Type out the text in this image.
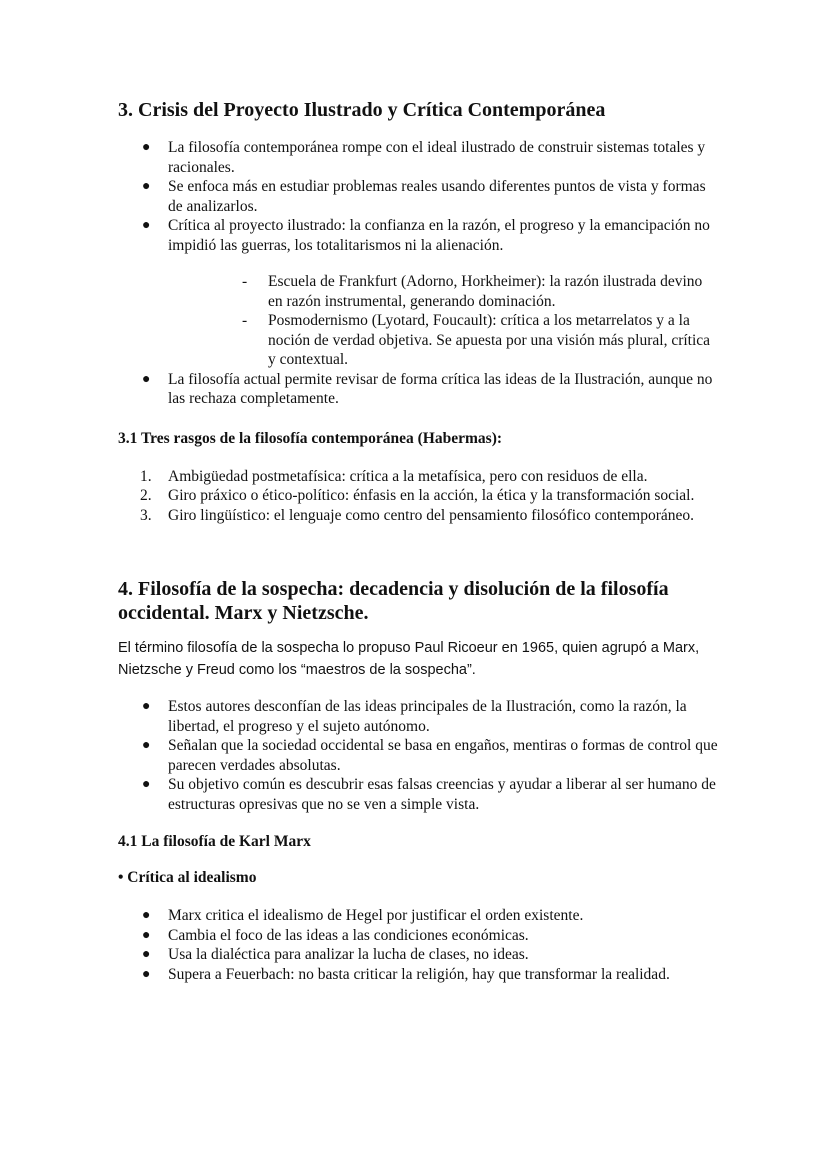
3. Crisis del Proyecto Ilustrado y Crítica Contemporánea
● La filosofía contemporánea rompe con el ideal ilustrado de construir sistemas totales y racionales.
● Se enfoca más en estudiar problemas reales usando diferentes puntos de vista y formas de analizarlos.
● Crítica al proyecto ilustrado: la confianza en la razón, el progreso y la emancipación no impidió las guerras, los totalitarismos ni la alienación.
- Escuela de Frankfurt (Adorno, Horkheimer): la razón ilustrada devino en razón instrumental, generando dominación.
- Posmodernismo (Lyotard, Foucault): crítica a los metarrelatos y a la noción de verdad objetiva. Se apuesta por una visión más plural, crítica y contextual.
● La filosofía actual permite revisar de forma crítica las ideas de la Ilustración, aunque no las rechaza completamente.
3.1 Tres rasgos de la filosofía contemporánea (Habermas):
1. Ambigüedad postmetafísica: crítica a la metafísica, pero con residuos de ella.
2. Giro práxico o ético-político: énfasis en la acción, la ética y la transformación social.
3. Giro lingüístico: el lenguaje como centro del pensamiento filosófico contemporáneo.
4. Filosofía de la sospecha: decadencia y disolución de la filosofía occidental. Marx y Nietzsche.

El término filosofía de la sospecha lo propuso Paul Ricoeur en 1965, quien agrupó a Marx, Nietzsche y Freud como los “maestros de la sospecha”.

● Estos autores desconfían de las ideas principales de la Ilustración, como la razón, la libertad, el progreso y el sujeto autónomo.
● Señalan que la sociedad occidental se basa en engaños, mentiras o formas de control que parecen verdades absolutas.
● Su objetivo común es descubrir esas falsas creencias y ayudar a liberar al ser humano de estructuras opresivas que no se ven a simple vista.
4.1 La filosofía de Karl Marx
• Crítica al idealismo
● Marx critica el idealismo de Hegel por justificar el orden existente.
● Cambia el foco de las ideas a las condiciones económicas.
● Usa la dialéctica para analizar la lucha de clases, no ideas.
● Supera a Feuerbach: no basta criticar la religión, hay que transformar la realidad.
